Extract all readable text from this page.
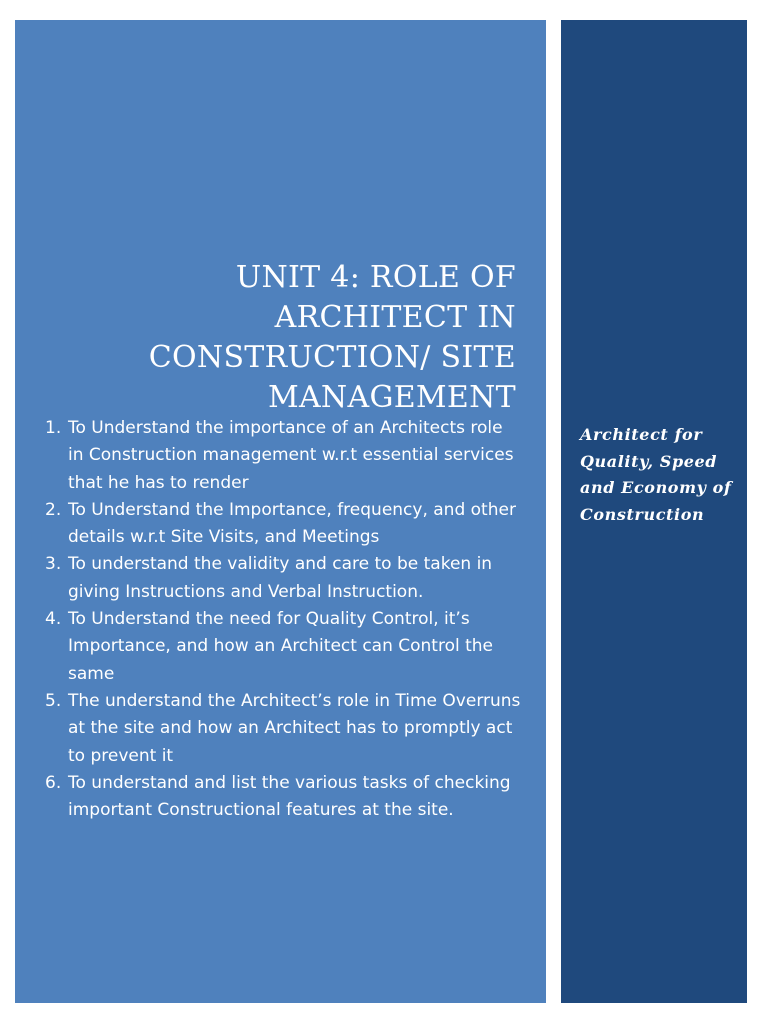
UNIT 4: ROLE OF ARCHITECT IN CONSTRUCTION/ SITE MANAGEMENT
1. To Understand the importance of an Architects role in Construction management w.r.t essential services that he has to render
2. To Understand the Importance, frequency, and other details w.r.t Site Visits, and Meetings
3. To understand the validity and care to be taken in giving Instructions and Verbal Instruction.
4. To Understand the need for Quality Control, it’s Importance, and how an Architect can Control the same
5. The understand the Architect’s role in Time Overruns at the site and how an Architect has to promptly act to prevent it
6. To understand and list the various tasks of checking important Constructional features at the site.

Architect for Quality, Speed and Economy of Construction
